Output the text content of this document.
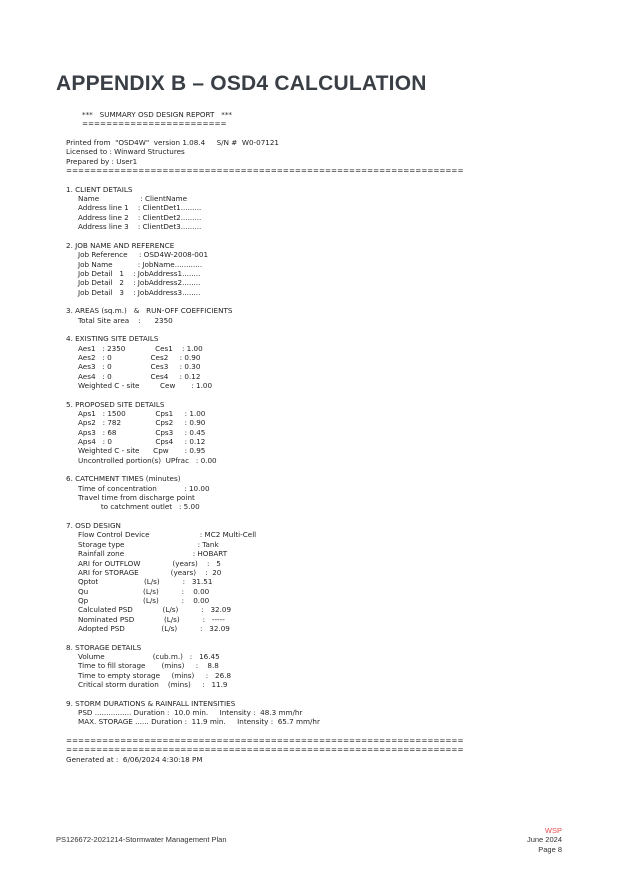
APPENDIX B – OSD4 CALCULATION
***   SUMMARY OSD DESIGN REPORT   ***
========================
Printed from  "OSD4W"  version 1.08.4     S/N #  W0-07121
Licensed to : Winward Structures
Prepared by : User1
==================================================================
1. CLIENT DETAILS
Name                  : ClientName
Address line 1    : ClientDet1.........
Address line 2    : ClientDet2.........
Address line 3    : ClientDet3.........
2. JOB NAME AND REFERENCE
Job Reference     : OSD4W-2008-001
Job Name           : JobName............
Job Detail   1    : JobAddress1........
Job Detail   2    : JobAddress2........
Job Detail   3    : JobAddress3........
3. AREAS (sq.m.)   &   RUN-OFF COEFFICIENTS
Total Site area    :      2350
4. EXISTING SITE DETAILS
Aes1   : 2350             Ces1    : 1.00
Aes2   : 0                 Ces2     : 0.90
Aes3   : 0                 Ces3     : 0.30
Aes4   : 0                 Ces4     : 0.12
Weighted C - site         Cew       : 1.00
5. PROPOSED SITE DETAILS
Aps1   : 1500             Cps1     : 1.00
Aps2   : 782               Cps2     : 0.90
Aps3   : 68                 Cps3     : 0.45
Aps4   : 0                   Cps4     : 0.12
Weighted C - site      Cpw       : 0.95
Uncontrolled portion(s)  UPfrac   : 0.00
6. CATCHMENT TIMES (minutes)
Time of concentration            : 10.00
Travel time from discharge point
to catchment outlet   : 5.00
7. OSD DESIGN
Flow Control Device                      : MC2 Multi-Cell
Storage type                                : Tank
Rainfall zone                              : HOBART
ARI for OUTFLOW              (years)    :   5
ARI for STORAGE              (years)    :  20
Qptot                    (L/s)          :   31.51
Qu                        (L/s)          :    0.00
Qp                        (L/s)          :    0.00
Calculated PSD             (L/s)          :   32.09
Nominated PSD             (L/s)          :   -----
Adopted PSD                (L/s)          :   32.09
8. STORAGE DETAILS
Volume                     (cub.m.)   :   16.45
Time to fill storage       (mins)     :    8.8
Time to empty storage     (mins)     :   26.8
Critical storm duration    (mins)     :   11.9
9. STORM DURATIONS & RAINFALL INTENSITIES
PSD ................ Duration :  10.0 min.     Intensity :  48.3 mm/hr
MAX. STORAGE ...... Duration :  11.9 min.     Intensity :  65.7 mm/hr
==================================================================
==================================================================
Generated at :  6/06/2024 4:30:18 PM
PS126672-2021214-Stormwater Management Plan
WSP
June 2024
Page 8
